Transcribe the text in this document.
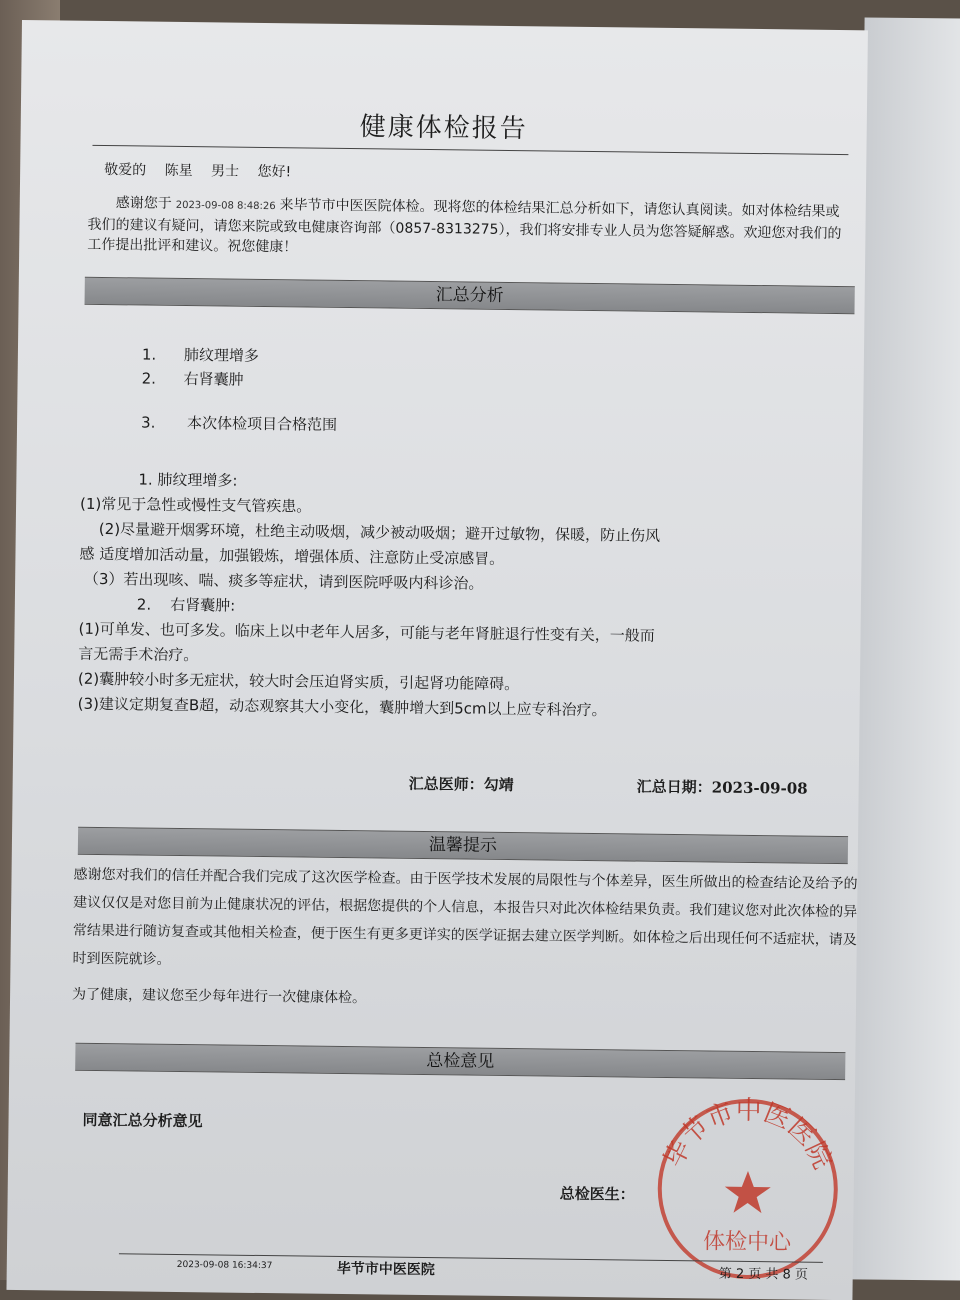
健康体检报告
敬爱的 陈星 男士 您好!
感谢您于 2023-09-08 8:48:26 来毕节市中医医院体检。现将您的体检结果汇总分析如下，请您认真阅读。如对体检结果或我们的建议有疑问，请您来院或致电健康咨询部（0857-8313275），我们将安排专业人员为您答疑解惑。欢迎您对我们的工作提出批评和建议。祝您健康！
汇总分析
1. 肺纹理增多
2. 右肾囊肿
3. 本次体检项目合格范围
1. 肺纹理增多:
(1)常见于急性或慢性支气管疾患。
(2)尽量避开烟雾环境，杜绝主动吸烟，减少被动吸烟；避开过敏物，保暖，防止伤风
感 适度增加活动量，加强锻炼，增强体质、注意防止受凉感冒。
（3）若出现咳、喘、痰多等症状，请到医院呼吸内科诊治。
2.    右肾囊肿:
(1)可单发、也可多发。临床上以中老年人居多，可能与老年肾脏退行性变有关，一般而
言无需手术治疗。
(2)囊肿较小时多无症状，较大时会压迫肾实质，引起肾功能障碍。
(3)建议定期复查B超，动态观察其大小变化，囊肿增大到5cm以上应专科治疗。
汇总医师：勾靖	汇总日期：2023-09-08
温馨提示

感谢您对我们的信任并配合我们完成了这次医学检查。由于医学技术发展的局限性与个体差异，医生所做出的检查结论及给予的建议仅仅是对您目前为止健康状况的评估，根据您提供的个人信息，本报告只对此次体检结果负责。我们建议您对此次体检的异常结果进行随访复查或其他相关检查，便于医生有更多更详实的医学证据去建立医学判断。如体检之后出现任何不适症状，请及时到医院就诊。

为了健康，建议您至少每年进行一次健康体检。

总检意见
同意汇总分析意见
总检医生：
毕节市中医医院
体检中心
2023-09-08 16:34:37	毕节市中医医院	第 2 页 共 8 页
